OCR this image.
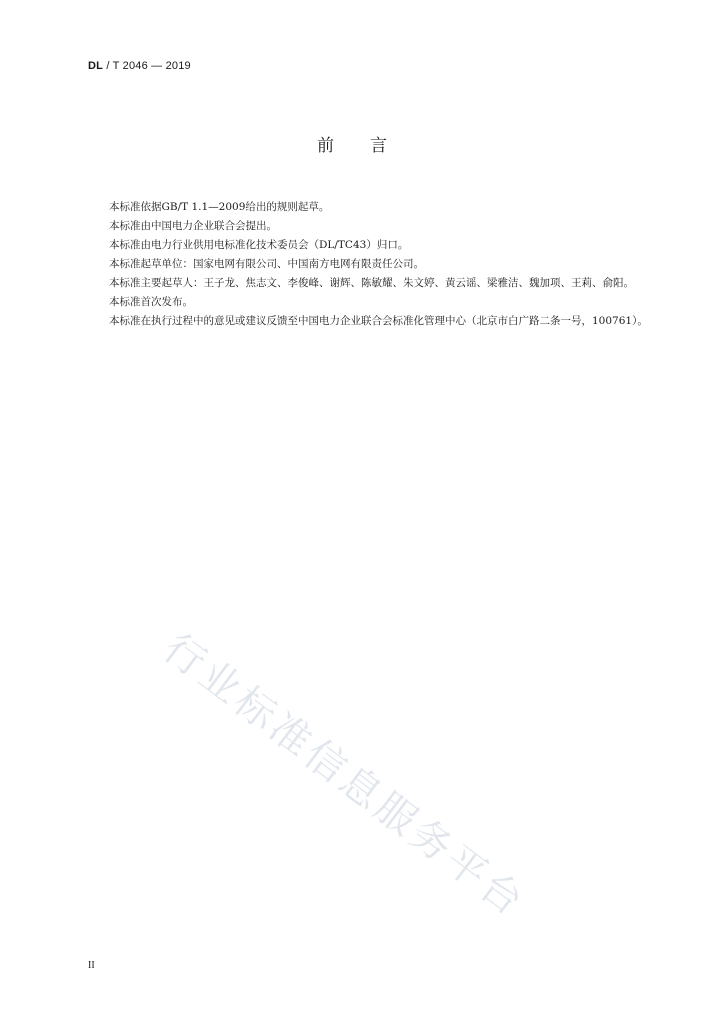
DL / T 2046 — 2019
前言

本标准依据GB/T 1.1—2009给出的规则起草。

本标准由中国电力企业联合会提出。

本标准由电力行业供用电标准化技术委员会（DL/TC43）归口。

本标准起草单位：国家电网有限公司、中国南方电网有限责任公司。

本标准主要起草人：王子龙、焦志文、李俊峰、谢辉、陈敏耀、朱文婷、黄云谣、梁雅洁、魏加项、王莉、俞阳。

本标准首次发布。

本标准在执行过程中的意见或建议反馈至中国电力企业联合会标准化管理中心（北京市白广路二条一号，100761）。

行业标准信息服务平台
II
